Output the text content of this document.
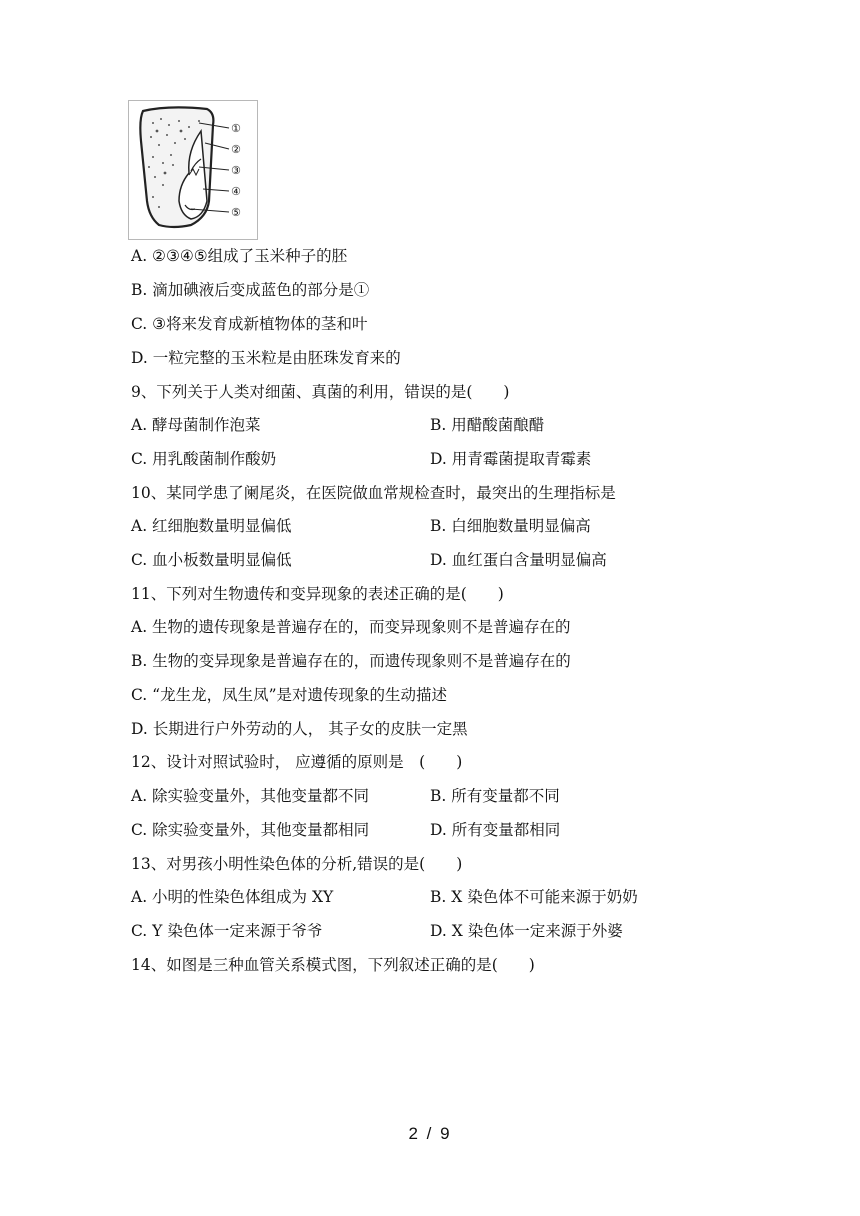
①
②
③
④
⑤
A. ②③④⑤组成了玉米种子的胚
B. 滴加碘液后变成蓝色的部分是①
C. ③将来发育成新植物体的茎和叶
D. 一粒完整的玉米粒是由胚珠发育来的
9、下列关于人类对细菌、真菌的利用，错误的是(　　)
A. 酵母菌制作泡菜	B. 用醋酸菌酿醋
C. 用乳酸菌制作酸奶	D. 用青霉菌提取青霉素
10、某同学患了阑尾炎，在医院做血常规检查时，最突出的生理指标是
A. 红细胞数量明显偏低	B. 白细胞数量明显偏高
C. 血小板数量明显偏低	D. 血红蛋白含量明显偏高
11、下列对生物遗传和变异现象的表述正确的是(　　)
A. 生物的遗传现象是普遍存在的，而变异现象则不是普遍存在的
B. 生物的变异现象是普遍存在的，而遗传现象则不是普遍存在的
C. “龙生龙，凤生凤”是对遗传现象的生动描述
D. 长期进行户外劳动的人， 其子女的皮肤一定黑
12、设计对照试验时， 应遵循的原则是　(　　)
A. 除实验变量外，其他变量都不同	B. 所有变量都不同
C. 除实验变量外，其他变量都相同	D. 所有变量都相同
13、对男孩小明性染色体的分析,错误的是(　　)
A. 小明的性染色体组成为 XY	B. X 染色体不可能来源于奶奶
C. Y 染色体一定来源于爷爷	D. X 染色体一定来源于外婆
14、如图是三种血管关系模式图，下列叙述正确的是(　　)
2 / 9
